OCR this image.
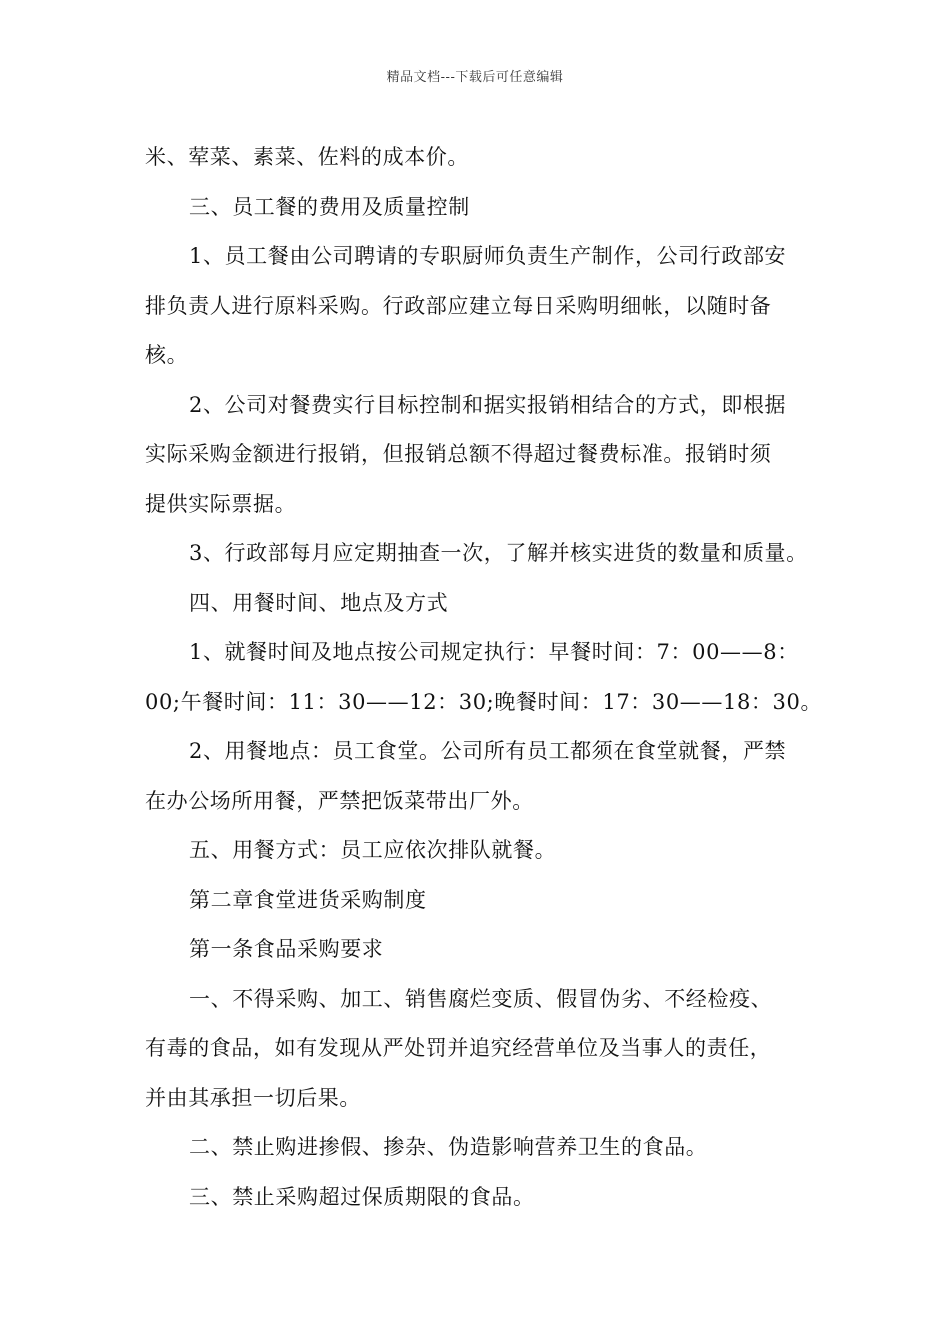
精品文档---下载后可任意编辑
米、荤菜、素菜、佐料的成本价。
三、员工餐的费用及质量控制
1、员工餐由公司聘请的专职厨师负责生产制作，公司行政部安
排负责人进行原料采购。行政部应建立每日采购明细帐，以随时备
核。
2、公司对餐费实行目标控制和据实报销相结合的方式，即根据
实际采购金额进行报销，但报销总额不得超过餐费标准。报销时须
提供实际票据。
3、行政部每月应定期抽查一次，了解并核实进货的数量和质量。
四、用餐时间、地点及方式
1、就餐时间及地点按公司规定执行：早餐时间：7：00——8：
00;午餐时间：11：30——12：30;晚餐时间：17：30——18：30。
2、用餐地点：员工食堂。公司所有员工都须在食堂就餐，严禁
在办公场所用餐，严禁把饭菜带出厂外。
五、用餐方式：员工应依次排队就餐。
第二章食堂进货采购制度
第一条食品采购要求
一、不得采购、加工、销售腐烂变质、假冒伪劣、不经检疫、
有毒的食品，如有发现从严处罚并追究经营单位及当事人的责任，
并由其承担一切后果。
二、禁止购进掺假、掺杂、伪造影响营养卫生的食品。
三、禁止采购超过保质期限的食品。
